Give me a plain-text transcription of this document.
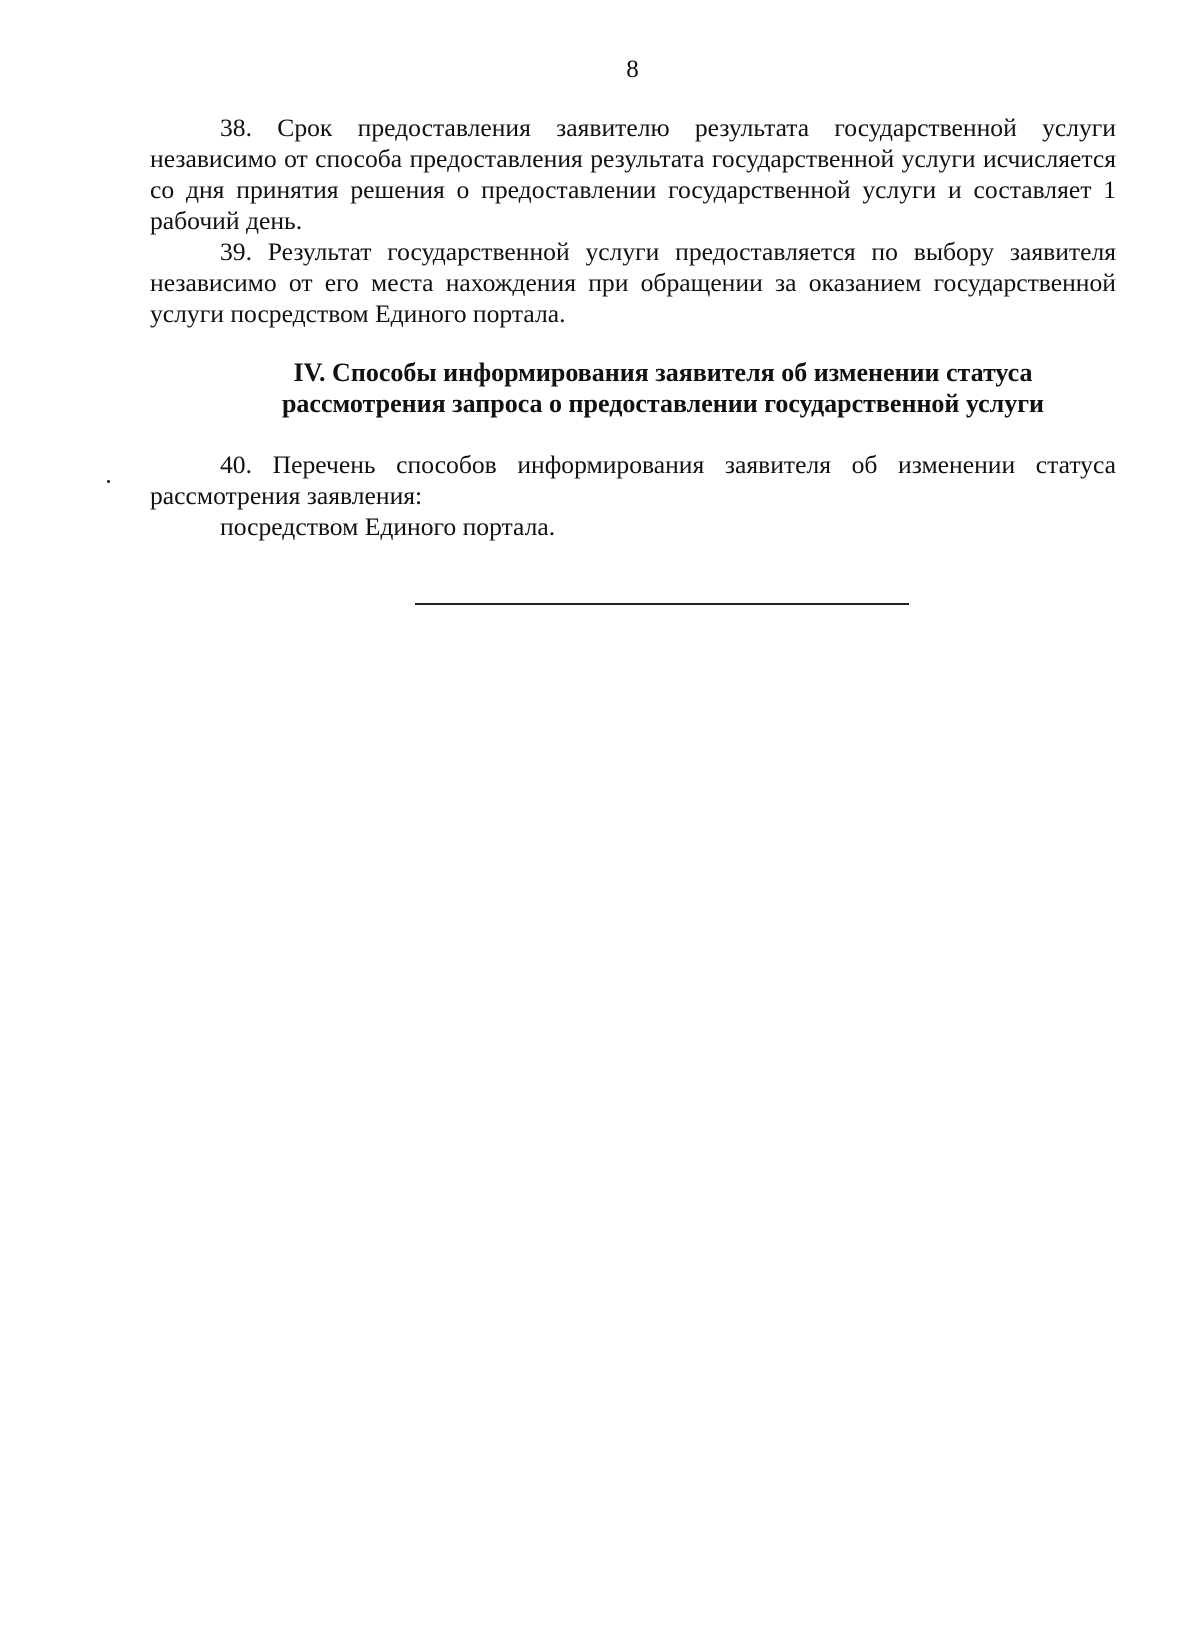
8

38. Срок предоставления заявителю результата государственной услуги независимо от способа предоставления результата государственной услуги исчисляется со дня принятия решения о предоставлении государственной услуги и составляет 1 рабочий день.

39. Результат государственной услуги предоставляется по выбору заявителя независимо от его места нахождения при обращении за оказанием государственной услуги посредством Единого портала.

IV. Способы информирования заявителя об изменении статуса
рассмотрения запроса о предоставлении государственной услуги

40. Перечень способов информирования заявителя об изменении статуса рассмотрения заявления:

посредством Единого портала.
